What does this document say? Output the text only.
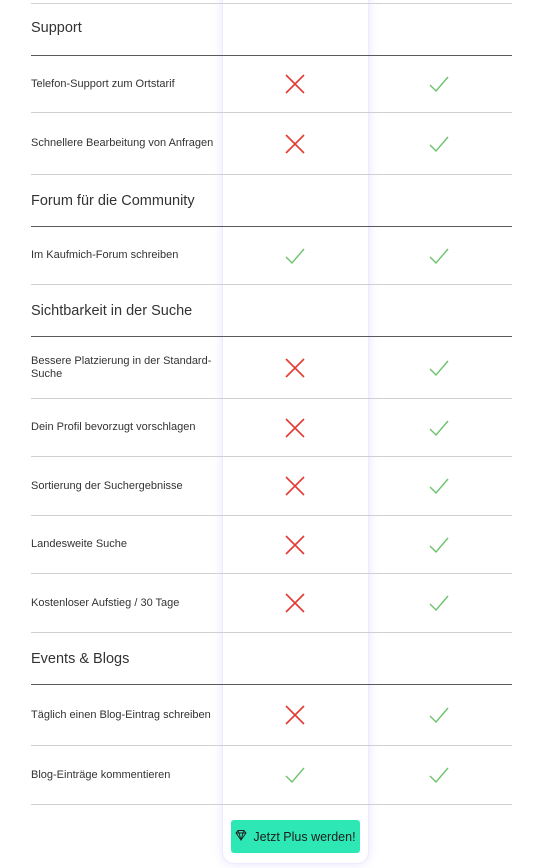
Support
Telefon-Support zum Ortstarif
Schnellere Bearbeitung von Anfragen
Forum für die Community
Im Kaufmich-Forum schreiben
Sichtbarkeit in der Suche
Bessere Platzierung in der Standard-Suche
Dein Profil bevorzugt vorschlagen
Sortierung der Suchergebnisse
Landesweite Suche
Kostenloser Aufstieg / 30 Tage
Events & Blogs
Täglich einen Blog-Eintrag schreiben
Blog-Einträge kommentieren
Jetzt Plus werden!
